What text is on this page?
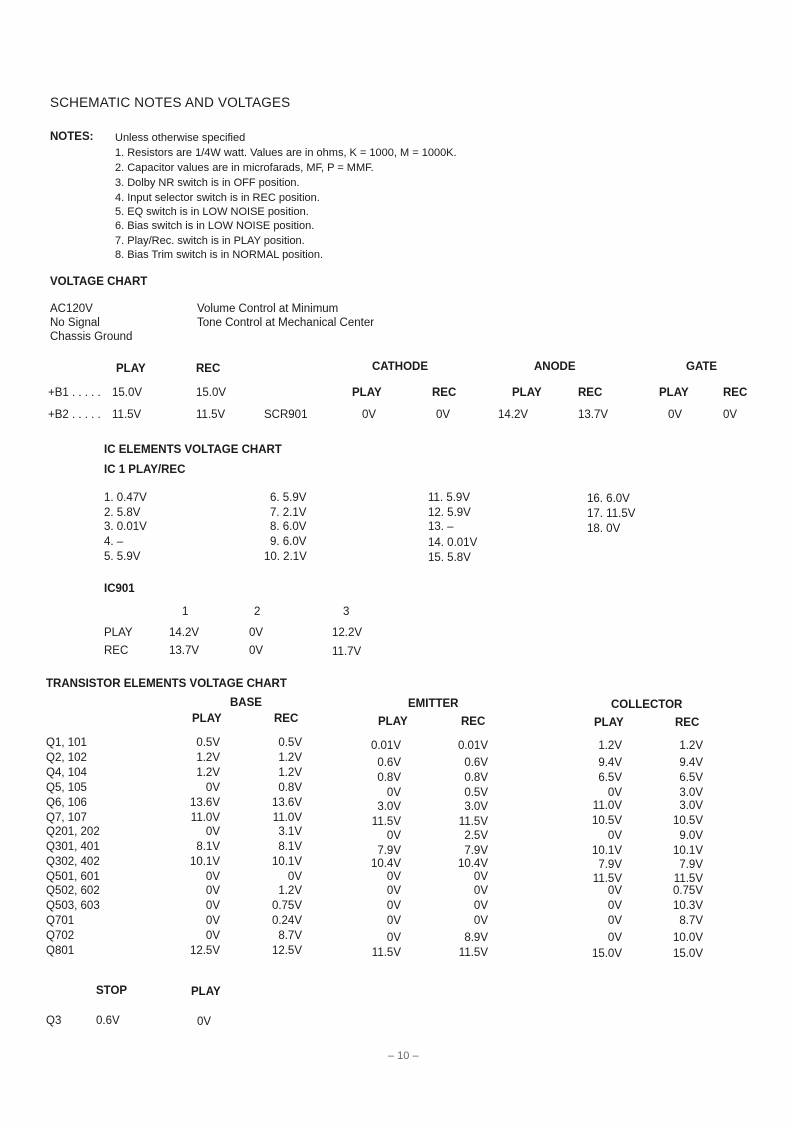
SCHEMATIC NOTES AND VOLTAGES
NOTES: Unless otherwise specified
1. Resistors are 1/4W watt. Values are in ohms, K = 1000, M = 1000K.
2. Capacitor values are in microfarads, MF, P = MMF.
3. Dolby NR switch is in OFF position.
4. Input selector switch is in REC position.
5. EQ switch is in LOW NOISE position.
6. Bias switch is in LOW NOISE position.
7. Play/Rec. switch is in PLAY position.
8. Bias Trim switch is in NORMAL position.
VOLTAGE CHART
AC120V
No Signal
Chassis Ground
Volume Control at Minimum
Tone Control at Mechanical Center
PLAY	REC	CATHODE	ANODE	GATE
PLAY	REC	PLAY	REC	PLAY	REC
+B1 . . . . . 15.0V	15.0V
+B2 . . . . . 11.5V	11.5V	SCR901	0V	0V	14.2V	13.7V	0V	0V
IC ELEMENTS VOLTAGE CHART
IC 1 PLAY/REC
1. 0.47V
2. 5.8V
3. 0.01V
4. –
5. 5.9V
6. 5.9V
7. 2.1V
8. 6.0V
9. 6.0V
10. 2.1V
11. 5.9V
12. 5.9V
13. –
14. 0.01V
15. 5.8V
16. 6.0V
17. 11.5V
18. 0V
IC901
1	2	3
PLAY	14.2V	0V	12.2V
REC	13.7V	0V	11.7V
TRANSISTOR ELEMENTS VOLTAGE CHART
BASE	EMITTER	COLLECTOR
PLAY	REC	PLAY	REC	PLAY	REC
Q1, 101	0.5V	0.5V	0.01V	0.01V	1.2V	1.2V
Q2, 102	1.2V	1.2V	0.6V	0.6V	9.4V	9.4V
Q4, 104	1.2V	1.2V	0.8V	0.8V	6.5V	6.5V
Q5, 105	0V	0.8V	0V	0.5V	0V	3.0V
Q6, 106	13.6V	13.6V	3.0V	3.0V	11.0V	3.0V
Q7, 107	11.0V	11.0V	11.5V	11.5V	10.5V	10.5V
Q201, 202	0V	3.1V	0V	2.5V	0V	9.0V
Q301, 401	8.1V	8.1V	7.9V	7.9V	10.1V	10.1V
Q302, 402	10.1V	10.1V	10.4V	10.4V	7.9V	7.9V
Q501, 601	0V	0V	0V	0V	11.5V	11.5V
Q502, 602	0V	1.2V	0V	0V	0V	0.75V
Q503, 603	0V	0.75V	0V	0V	0V	10.3V
Q701	0V	0.24V	0V	0V	0V	8.7V
Q702	0V	8.7V	0V	8.9V	0V	10.0V
Q801	12.5V	12.5V	11.5V	11.5V	15.0V	15.0V
STOP	PLAY
Q3	0.6V	0V
– 10 –
